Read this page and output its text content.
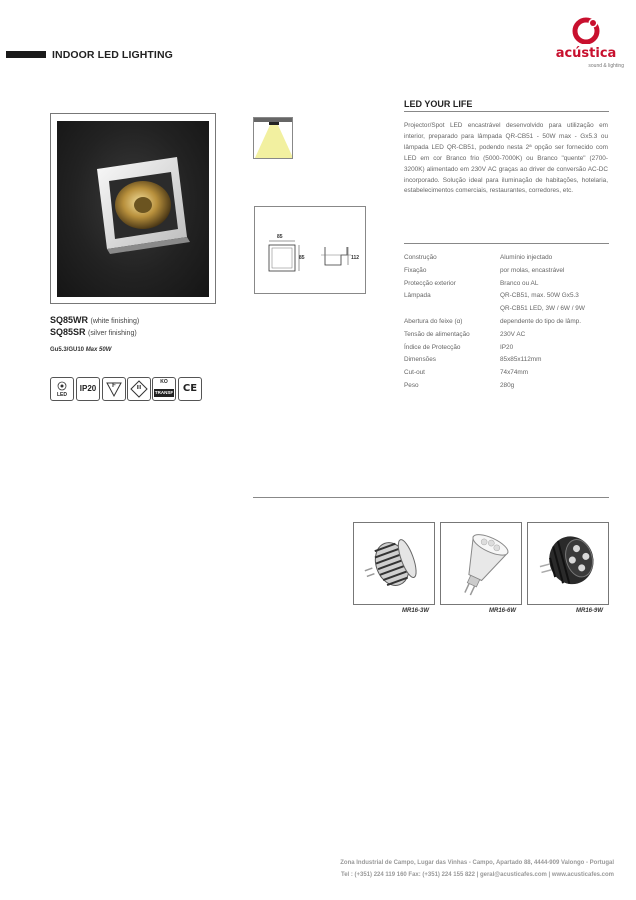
INDOOR LED LIGHTING	acústica
sound & lighting
SQ85WR (white finishing)
SQ85SR (silver finishing)
Gu5.3/GU10 Max 50W
LED
IP20	F	III
KO
TRANSF CE
85
85	112
LED YOUR LIFE
Projector/Spot LED encastrável desenvolvido para utilização em interior, preparado para lâmpada QR-CB51 - 50W max - Gx5.3 ou lâmpada LED QR-CB51, podendo nesta 2ª opção ser fornecido com LED em cor Branco frio (5000-7000K) ou Branco "quente" (2700-3200K) alimentado em 230V AC graças ao driver de conversão AC-DC incorporado. Solução ideal para iluminação de habitações, hotelaria, estabelecimentos comerciais, restaurantes, corredores, etc.
Construção	Alumínio injectado
Fixação	por molas, encastrável
Protecção exterior	Branco ou AL
Lâmpada	QR-CB51, max. 50W Gx5.3
QR-CB51 LED, 3W / 6W / 9W
Abertura do feixe (α)	dependente do tipo de lâmp.
Tensão de alimentação	230V AC
Índice de Protecção	IP20
Dimensões	85x85x112mm
Cut-out	74x74mm
Peso	280g
MR16-3W	MR16-6W	MR16-9W
Zona Industrial de Campo, Lugar das Vinhas - Campo, Apartado 88, 4444-909 Valongo - Portugal
Tel : (+351) 224 119 160 Fax: (+351) 224 155 822 | geral@acusticafes.com | www.acusticafes.com
